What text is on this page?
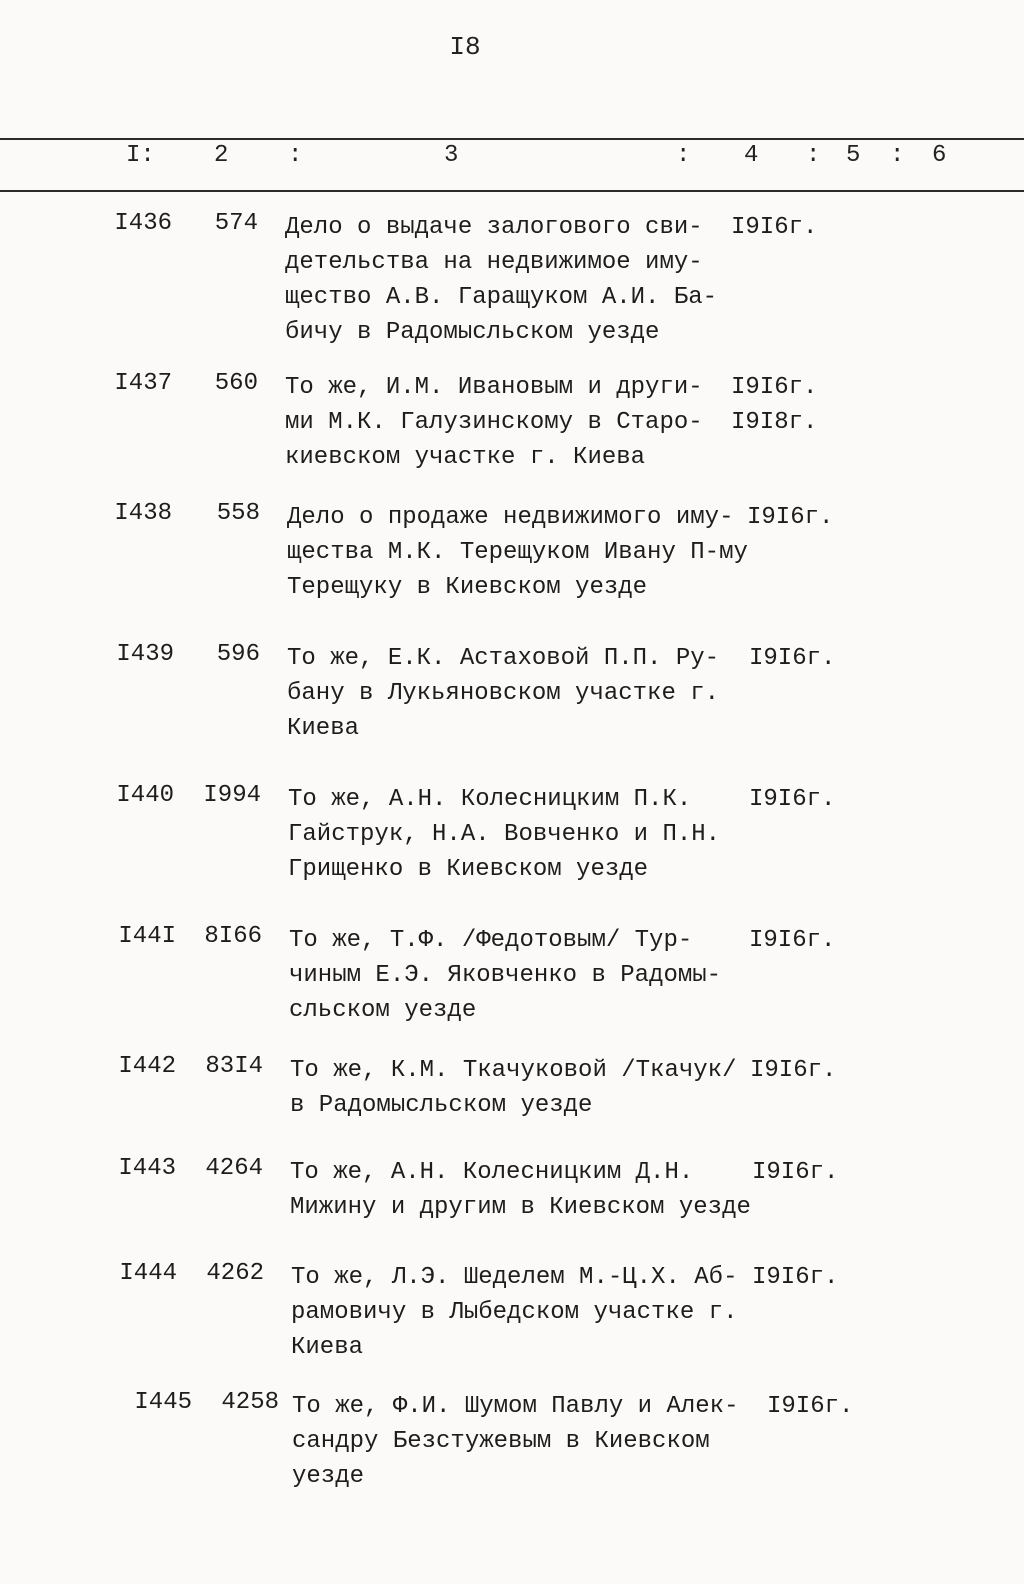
I8
I: 2 :	3	: 4 : 5 : 6
I436	574 Дело о выдаче залогового сви-
детельства на недвижимое иму-
щество А.В. Гаращуком А.И. Ба-
бичу в Радомысльском уезде
I9I6г.
I437	560 То же, И.М. Ивановым и други-
ми М.К. Галузинскому в Старо-
киевском участке г. Киева
I9I6г.
I9I8г.
I438	558 Дело о продаже недвижимого иму-
щества М.К. Терещуком Ивану П-му
Терещуку в Киевском уезде
I9I6г.
I439	596 То же, Е.К. Астаховой П.П. Ру-
бану в Лукьяновском участке г.
Киева
I9I6г.
I440	I994 То же, А.Н. Колесницким П.К.
Гайструк, Н.А. Вовченко и П.Н.
Грищенко в Киевском уезде
I9I6г.
I44I	8I66 То же, Т.Ф. /Федотовым/ Тур-
чиным Е.Э. Яковченко в Радомы-
сльском уезде
I9I6г.
I442	83I4 То же, К.М. Ткачуковой /Ткачук/
в Радомысльском уезде
I9I6г.
I443	4264 То же, А.Н. Колесницким Д.Н.
Мижину и другим в Киевском уезде
I9I6г.
I444	4262 То же, Л.Э. Шеделем М.-Ц.Х. Аб-
рамовичу в Лыбедском участке г.
Киева
I9I6г.
I445	4258 То же, Ф.И. Шумом Павлу и Алек-
сандру Безстужевым в Киевском
уезде
I9I6г.
